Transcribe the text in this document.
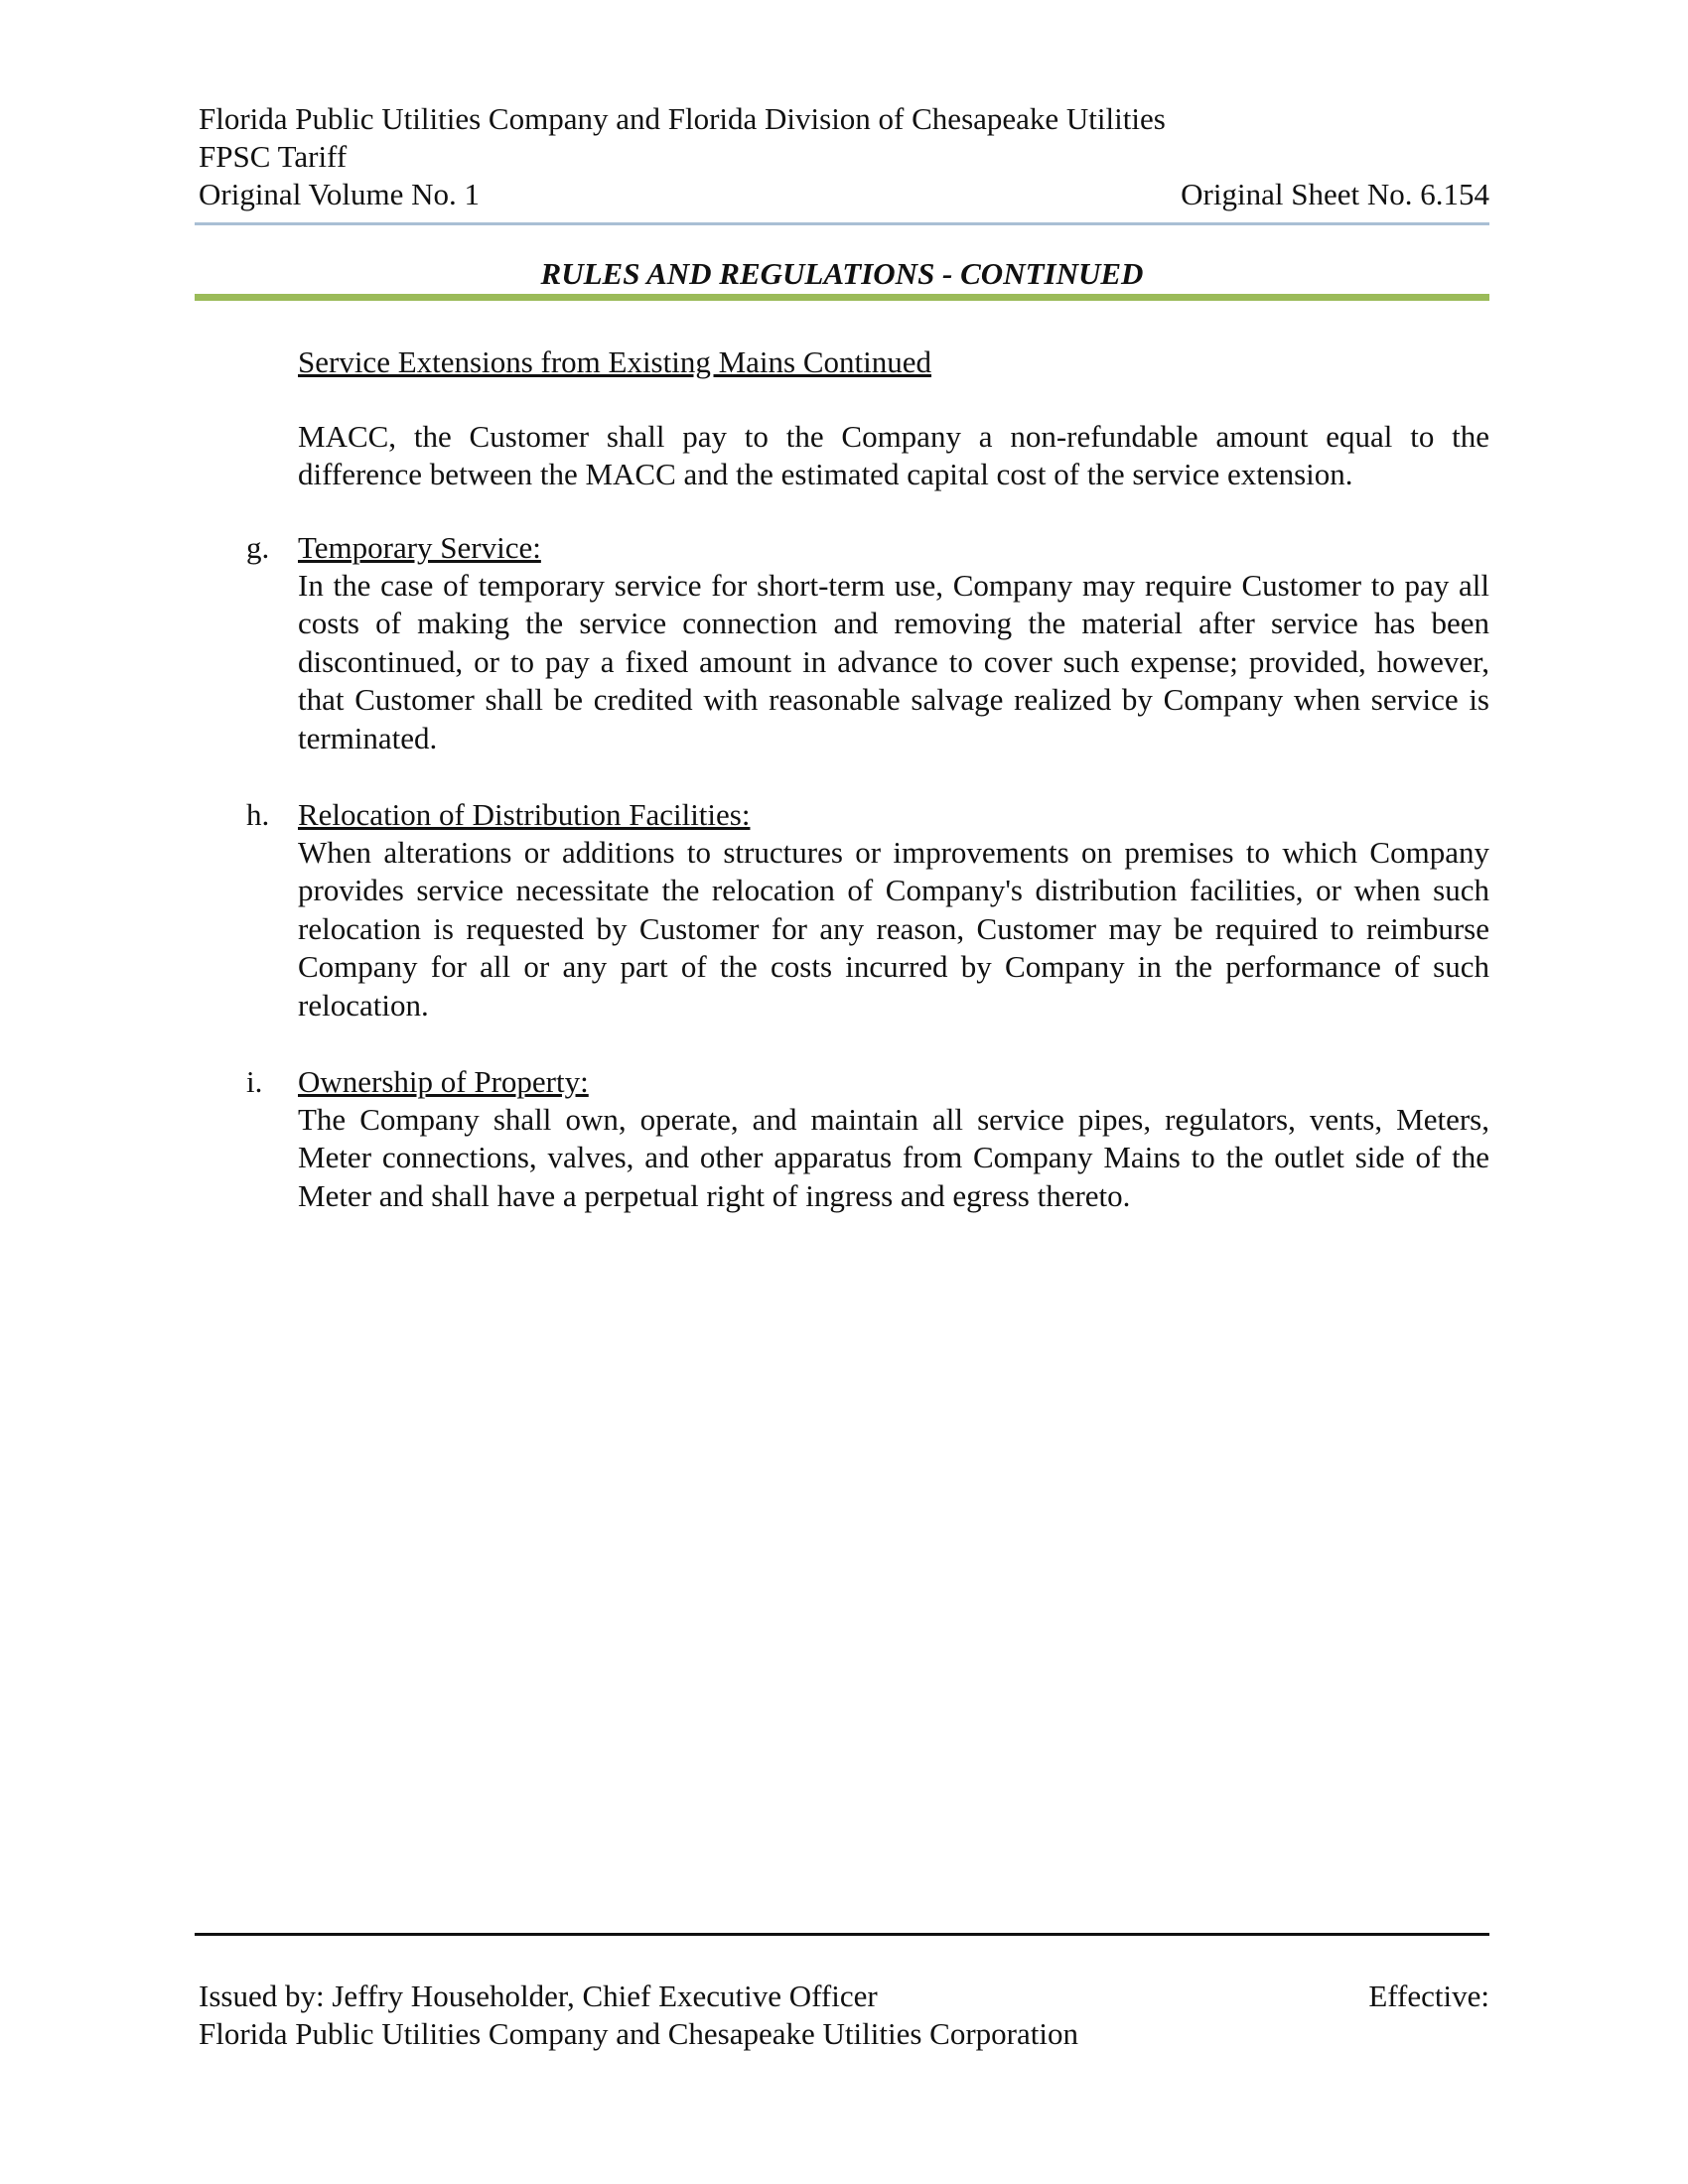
Florida Public Utilities Company and Florida Division of Chesapeake Utilities
FPSC Tariff
Original Volume No. 1	Original Sheet No. 6.154
RULES AND REGULATIONS - CONTINUED
Service Extensions from Existing Mains Continued
MACC, the Customer shall pay to the Company a non-refundable amount equal to the difference between the MACC and the estimated capital cost of the service extension.
g. Temporary Service:
In the case of temporary service for short-term use, Company may require Customer to pay all costs of making the service connection and removing the material after service has been discontinued, or to pay a fixed amount in advance to cover such expense; provided, however, that Customer shall be credited with reasonable salvage realized by Company when service is terminated.
h. Relocation of Distribution Facilities:
When alterations or additions to structures or improvements on premises to which Company provides service necessitate the relocation of Company's distribution facilities, or when such relocation is requested by Customer for any reason, Customer may be required to reimburse Company for all or any part of the costs incurred by Company in the performance of such relocation.
i. Ownership of Property:
The Company shall own, operate, and maintain all service pipes, regulators, vents, Meters, Meter connections, valves, and other apparatus from Company Mains to the outlet side of the Meter and shall have a perpetual right of ingress and egress thereto.
Issued by: Jeffry Householder, Chief Executive Officer	Effective:
Florida Public Utilities Company and Chesapeake Utilities Corporation
